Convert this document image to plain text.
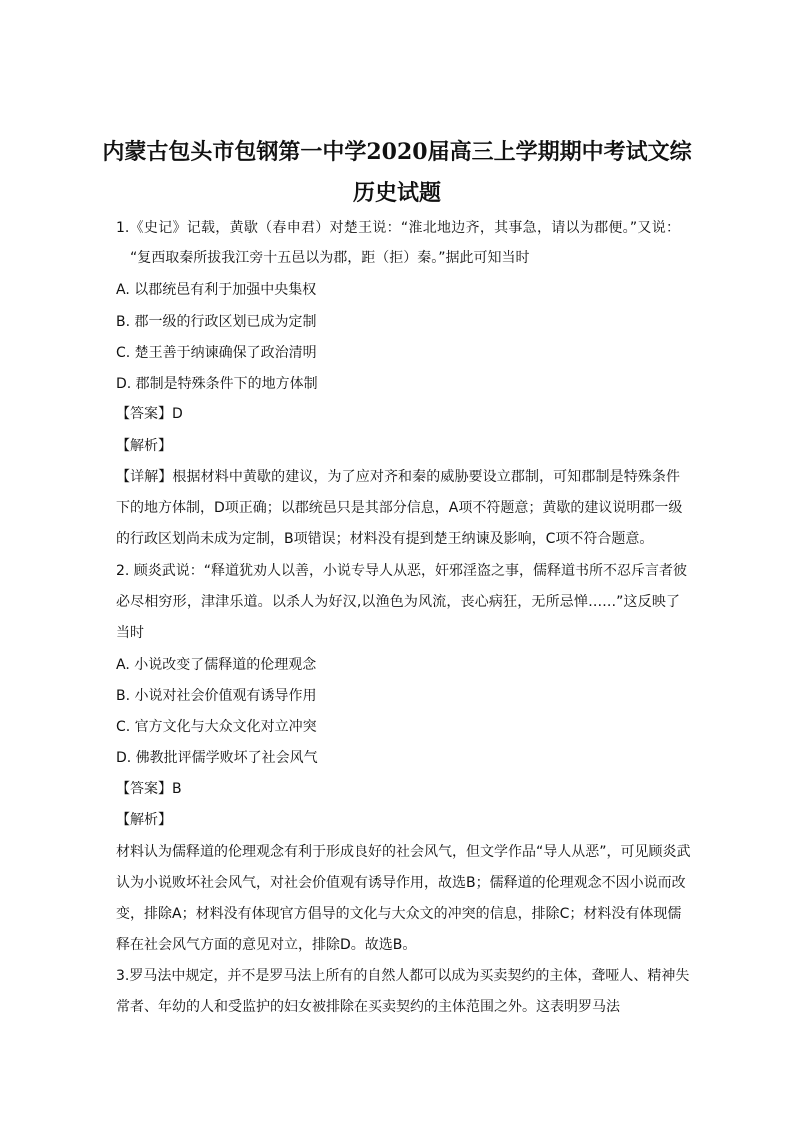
内蒙古包头市包钢第一中学2020届高三上学期期中考试文综
历史试题
1.《史记》记载，黄歇（春申君）对楚王说：“淮北地边齐，其事急，请以为郡便。”又说：
“复西取秦所拔我江旁十五邑以为郡，距（拒）秦。”据此可知当时
A. 以郡统邑有利于加强中央集权
B. 郡一级的行政区划已成为定制
C. 楚王善于纳谏确保了政治清明
D. 郡制是特殊条件下的地方体制
【答案】D
【解析】
【详解】根据材料中黄歇的建议，为了应对齐和秦的威胁要设立郡制，可知郡制是特殊条件
下的地方体制，D项正确；以郡统邑只是其部分信息，A项不符题意；黄歇的建议说明郡一级
的行政区划尚未成为定制，B项错误；材料没有提到楚王纳谏及影响，C项不符合题意。
2. 顾炎武说：“释道犹劝人以善，小说专导人从恶，奸邪淫盗之事，儒释道书所不忍斥言者彼
必尽相穷形，津津乐道。以杀人为好汉,以渔色为风流，丧心病狂，无所忌惮……”这反映了
当时
A. 小说改变了儒释道的伦理观念
B. 小说对社会价值观有诱导作用
C. 官方文化与大众文化对立冲突
D. 佛教批评儒学败坏了社会风气
【答案】B
【解析】
材料认为儒释道的伦理观念有利于形成良好的社会风气，但文学作品“导人从恶”，可见顾炎武
认为小说败坏社会风气，对社会价值观有诱导作用，故选B；儒释道的伦理观念不因小说而改
变，排除A；材料没有体现官方倡导的文化与大众文的冲突的信息，排除C；材料没有体现儒
释在社会风气方面的意见对立，排除D。故选B。
3.罗马法中规定，并不是罗马法上所有的自然人都可以成为买卖契约的主体，聋哑人、精神失
常者、年幼的人和受监护的妇女被排除在买卖契约的主体范围之外。这表明罗马法
